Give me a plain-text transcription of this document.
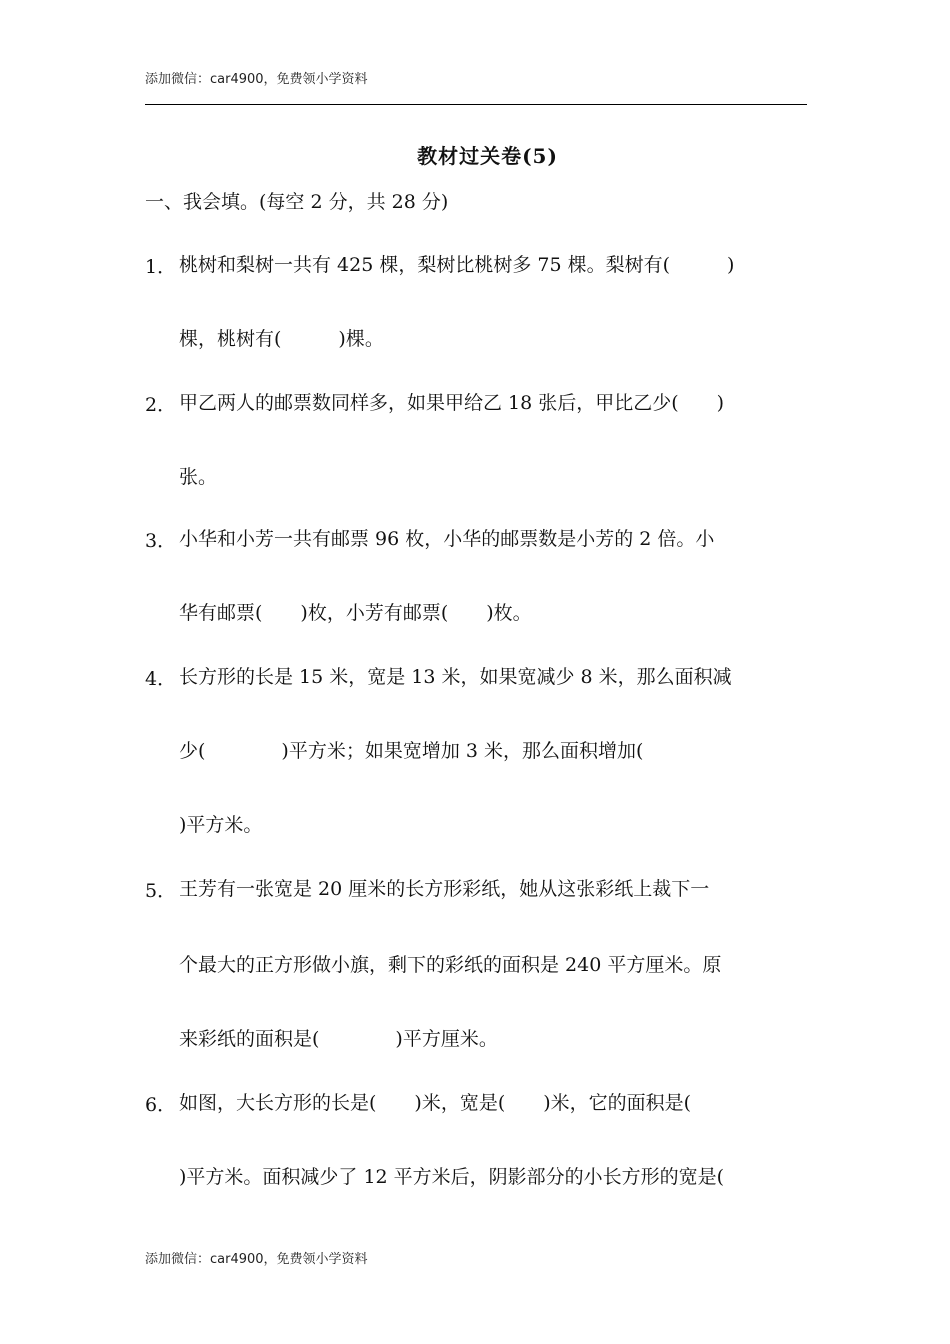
添加微信：car4900，免费领小学资料
教材过关卷(5)
一、我会填。(每空 2 分，共 28 分)
1． 桃树和梨树一共有 425 棵，梨树比桃树多 75 棵。梨树有(　　　)
棵，桃树有(　　　)棵。
2． 甲乙两人的邮票数同样多，如果甲给乙 18 张后，甲比乙少(　　)
张。
3． 小华和小芳一共有邮票 96 枚，小华的邮票数是小芳的 2 倍。小
华有邮票(　　)枚，小芳有邮票(　　)枚。
4． 长方形的长是 15 米，宽是 13 米，如果宽减少 8 米，那么面积减
少(　　　　)平方米；如果宽增加 3 米，那么面积增加(
)平方米。
5． 王芳有一张宽是 20 厘米的长方形彩纸，她从这张彩纸上裁下一
个最大的正方形做小旗，剩下的彩纸的面积是 240 平方厘米。原
来彩纸的面积是(　　　　)平方厘米。
6． 如图，大长方形的长是(　　)米，宽是(　　)米，它的面积是(
)平方米。面积减少了 12 平方米后，阴影部分的小长方形的宽是(
添加微信：car4900，免费领小学资料
